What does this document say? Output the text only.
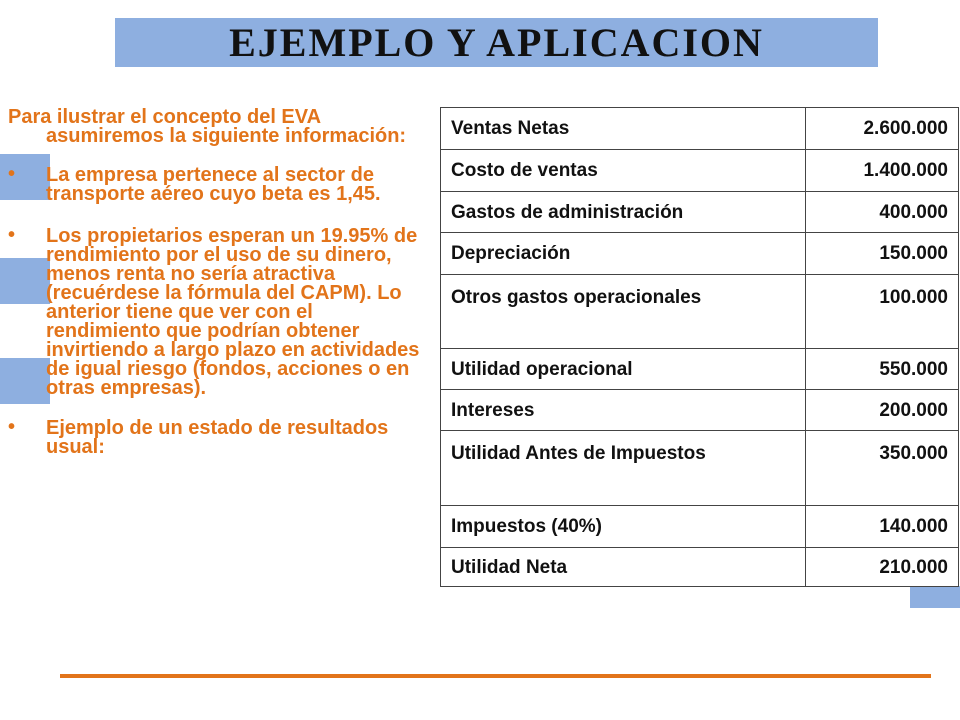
EJEMPLO Y APLICACION

Para ilustrar el concepto del EVA asumiremos la siguiente información:

• La empresa pertenece al sector de transporte aéreo cuyo beta es 1,45.

• Los propietarios esperan un 19.95% de rendimiento por el uso de su dinero, menos renta no sería atractiva (recuérdese la fórmula del CAPM). Lo anterior tiene que ver con el rendimiento que podrían obtener invirtiendo a largo plazo en actividades de igual riesgo (fondos, acciones o en otras empresas).

• Ejemplo de un estado de resultados usual:

Ventas Netas	2.600.000
Costo de ventas	1.400.000
Gastos de administración	400.000
Depreciación	150.000

Otros gastos operacionales	100.000
Utilidad operacional	550.000
Intereses	200.000

Utilidad Antes de Impuestos	350.000
Impuestos (40%)	140.000
Utilidad Neta	210.000
